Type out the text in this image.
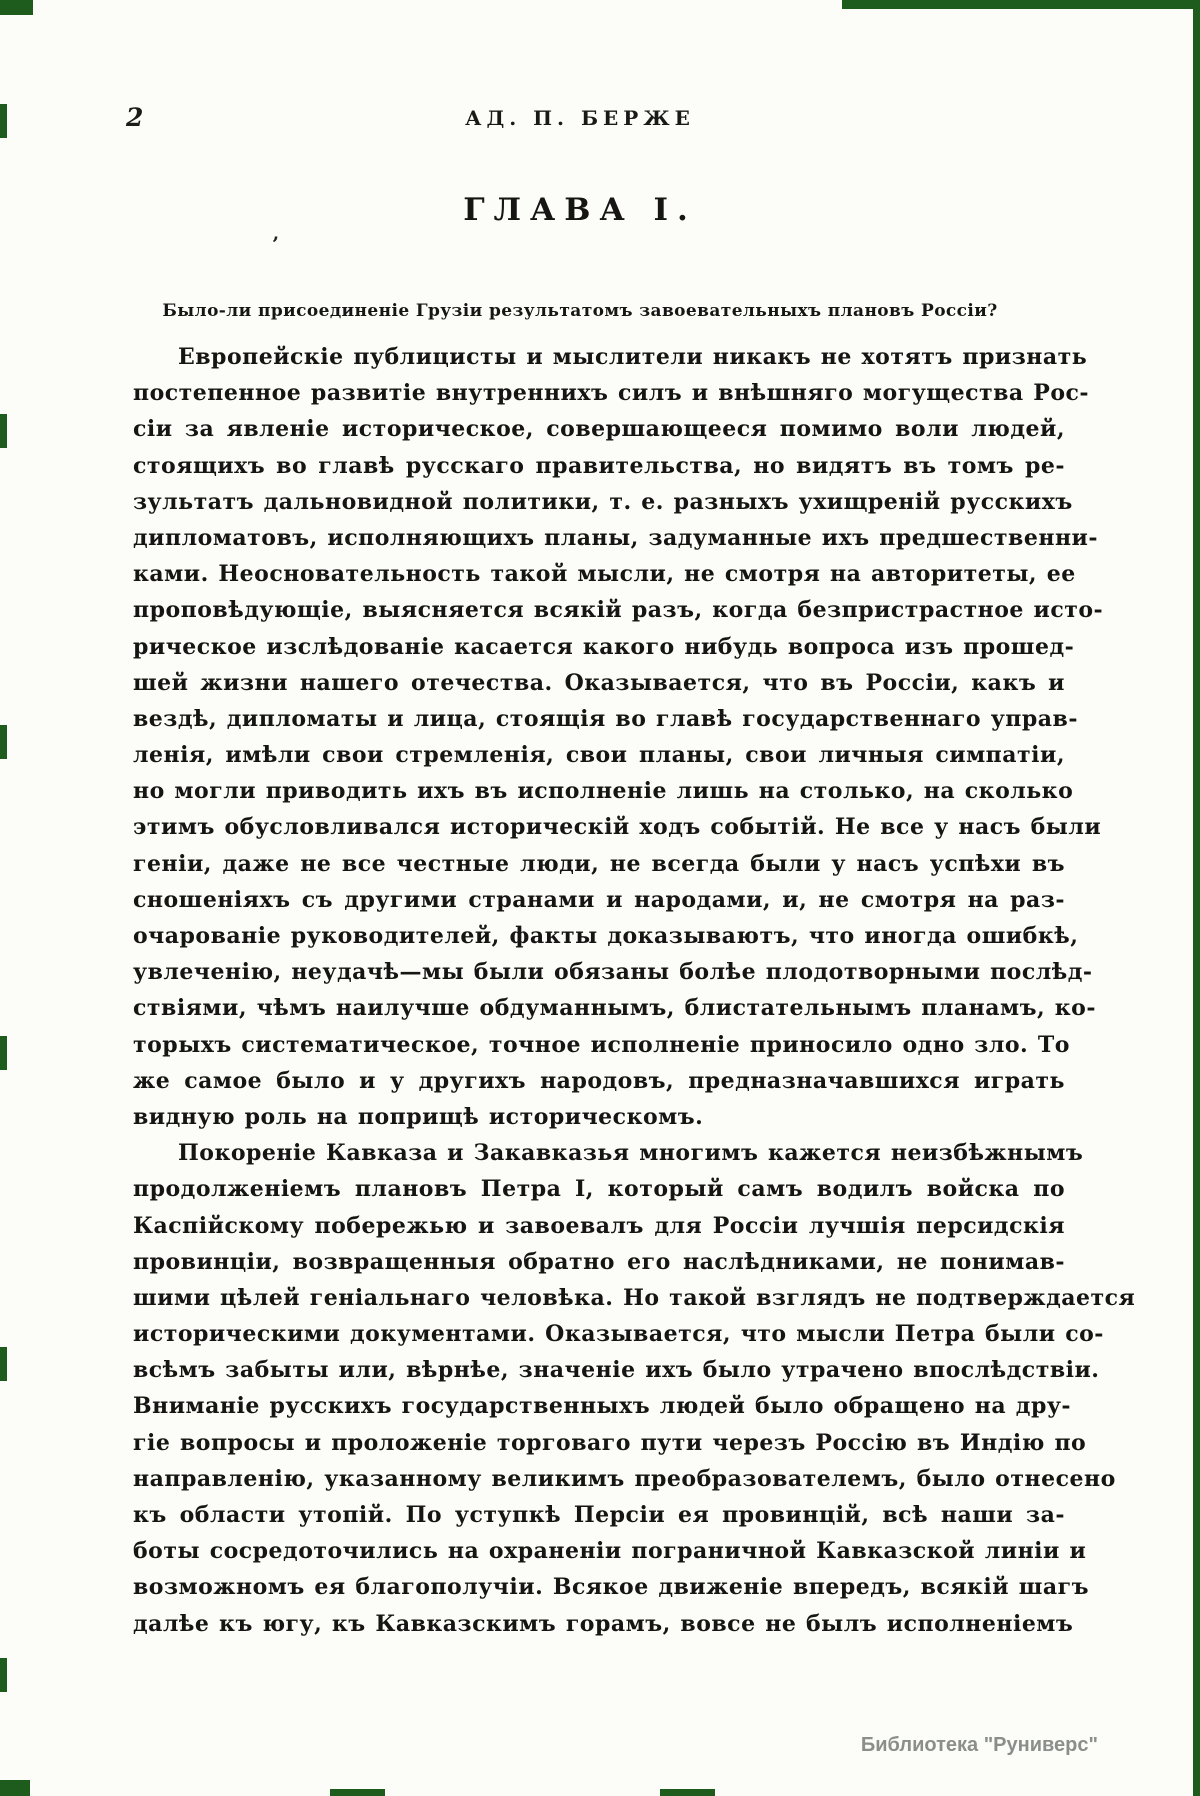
2	АД. П. БЕРЖЕ
ГЛАВА I.
’
Было-ли присоединеніе Грузіи результатомъ завоевательныхъ плановъ Россіи?
Европейскіе публицисты и мыслители никакъ не хотятъ признать
постепенное развитіе внутреннихъ силъ и внѣшняго могущества Рос-
сіи за явленіе историческое, совершающееся помимо воли людей,
стоящихъ во главѣ русскаго правительства, но видятъ въ томъ ре-
зультатъ дальновидной политики, т. е. разныхъ ухищреній русскихъ
дипломатовъ, исполняющихъ планы, задуманные ихъ предшественни-
ками. Неосновательность такой мысли, не смотря на авторитеты, ее
проповѣдующіе, выясняется всякій разъ, когда безпристрастное исто-
рическое изслѣдованіе касается какого нибудь вопроса изъ прошед-
шей жизни нашего отечества. Оказывается, что въ Россіи, какъ и
вездѣ, дипломаты и лица, стоящія во главѣ государственнаго управ-
ленія, имѣли свои стремленія, свои планы, свои личныя симпатіи,
но могли приводить ихъ въ исполненіе лишь на столько, на сколько
этимъ обусловливался историческій ходъ событій. Не все у насъ были
геніи, даже не все честные люди, не всегда были у насъ успѣхи въ
сношеніяхъ съ другими странами и народами, и, не смотря на раз-
очарованіе руководителей, факты доказываютъ, что иногда ошибкѣ,
увлеченію, неудачѣ—мы были обязаны болѣе плодотворными послѣд-
ствіями, чѣмъ наилучше обдуманнымъ, блистательнымъ планамъ, ко-
торыхъ систематическое, точное исполненіе приносило одно зло. То
же самое было и у другихъ народовъ, предназначавшихся играть
видную роль на поприщѣ историческомъ.
Покореніе Кавказа и Закавказья многимъ кажется неизбѣжнымъ
продолженіемъ плановъ Петра I, который самъ водилъ войска по
Каспійскому побережью и завоевалъ для Россіи лучшія персидскія
провинціи, возвращенныя обратно его наслѣдниками, не понимав-
шими цѣлей геніальнаго человѣка. Но такой взглядъ не подтверждается
историческими документами. Оказывается, что мысли Петра были со-
всѣмъ забыты или, вѣрнѣе, значеніе ихъ было утрачено впослѣдствіи.
Вниманіе русскихъ государственныхъ людей было обращено на дру-
гіе вопросы и проложеніе торговаго пути черезъ Россію въ Индію по
направленію, указанному великимъ преобразователемъ, было отнесено
къ области утопій. По уступкѣ Персіи ея провинцій, всѣ наши за-
боты сосредоточились на охраненіи пограничной Кавказской линіи и
возможномъ ея благополучіи. Всякое движеніе впередъ, всякій шагъ
далѣе къ югу, къ Кавказскимъ горамъ, вовсе не былъ исполненіемъ
Библиотека "Руниверс"
